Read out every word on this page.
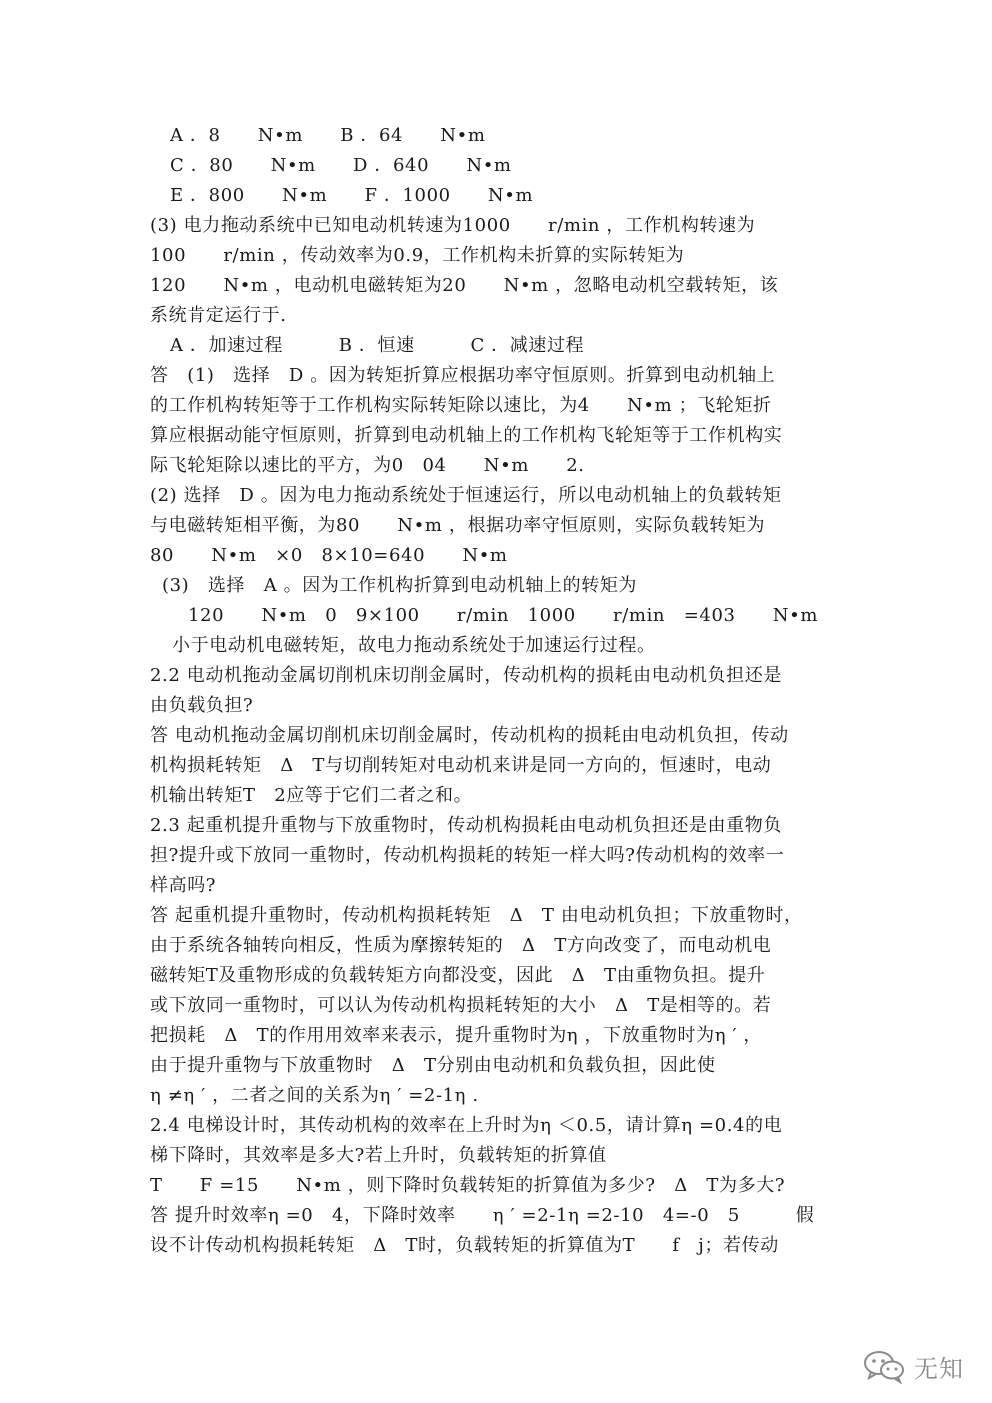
A ．8　　N•m　　B ．64　　N•m
C ．80　　N•m　　D ．640　　N•m
E ．800　　N•m　　F ．1000　　N•m
(3) 电力拖动系统中已知电动机转速为1000　　r/min ，工作机构转速为
100　　r/min ，传动效率为0.9，工作机构未折算的实际转矩为
120　　N•m ，电动机电磁转矩为20　　N•m ，忽略电动机空载转矩，该
系统肯定运行于.
A ．加速过程　　　B ．恒速　　　C ．减速过程
答　(1)　选择　D 。因为转矩折算应根据功率守恒原则。折算到电动机轴上
的工作机构转矩等于工作机构实际转矩除以速比，为4　　N•m ；飞轮矩折
算应根据动能守恒原则，折算到电动机轴上的工作机构飞轮矩等于工作机构实
际飞轮矩除以速比的平方，为0　04　　N•m　　2.
(2) 选择　D 。因为电力拖动系统处于恒速运行，所以电动机轴上的负载转矩
与电磁转矩相平衡，为80　　N•m ，根据功率守恒原则，实际负载转矩为
80　　N•m　×0　8×10=640　　N•m
(3)　选择　A 。因为工作机构折算到电动机轴上的转矩为
120　　N•m　0　9×100　　r/min　1000　　r/min　=403　　N•m
小于电动机电磁转矩，故电力拖动系统处于加速运行过程。
2.2 电动机拖动金属切削机床切削金属时，传动机构的损耗由电动机负担还是
由负载负担?
答 电动机拖动金属切削机床切削金属时，传动机构的损耗由电动机负担，传动
机构损耗转矩　Δ　T与切削转矩对电动机来讲是同一方向的，恒速时，电动
机输出转矩T　2应等于它们二者之和。
2.3 起重机提升重物与下放重物时，传动机构损耗由电动机负担还是由重物负
担?提升或下放同一重物时，传动机构损耗的转矩一样大吗?传动机构的效率一
样高吗?
答 起重机提升重物时，传动机构损耗转矩　Δ　T 由电动机负担；下放重物时，
由于系统各轴转向相反，性质为摩擦转矩的　Δ　T方向改变了，而电动机电
磁转矩T及重物形成的负载转矩方向都没变，因此　Δ　T由重物负担。提升
或下放同一重物时，可以认为传动机构损耗转矩的大小　Δ　T是相等的。若
把损耗　Δ　T的作用用效率来表示，提升重物时为η ，下放重物时为η ′ ，
由于提升重物与下放重物时　Δ　T分别由电动机和负载负担，因此使
η ≠η ′ ，二者之间的关系为η ′ =2-1η .
2.4 电梯设计时，其传动机构的效率在上升时为η ＜0.5，请计算η =0.4的电
梯下降时，其效率是多大?若上升时，负载转矩的折算值
T　　F =15　　N•m ，则下降时负载转矩的折算值为多少?　Δ　T为多大?
答 提升时效率η =0　4，下降时效率　　η ′ =2-1η =2-10　4=-0　5　　　假
设不计传动机构损耗转矩　Δ　T时，负载转矩的折算值为T　　f　j；若传动
无知
